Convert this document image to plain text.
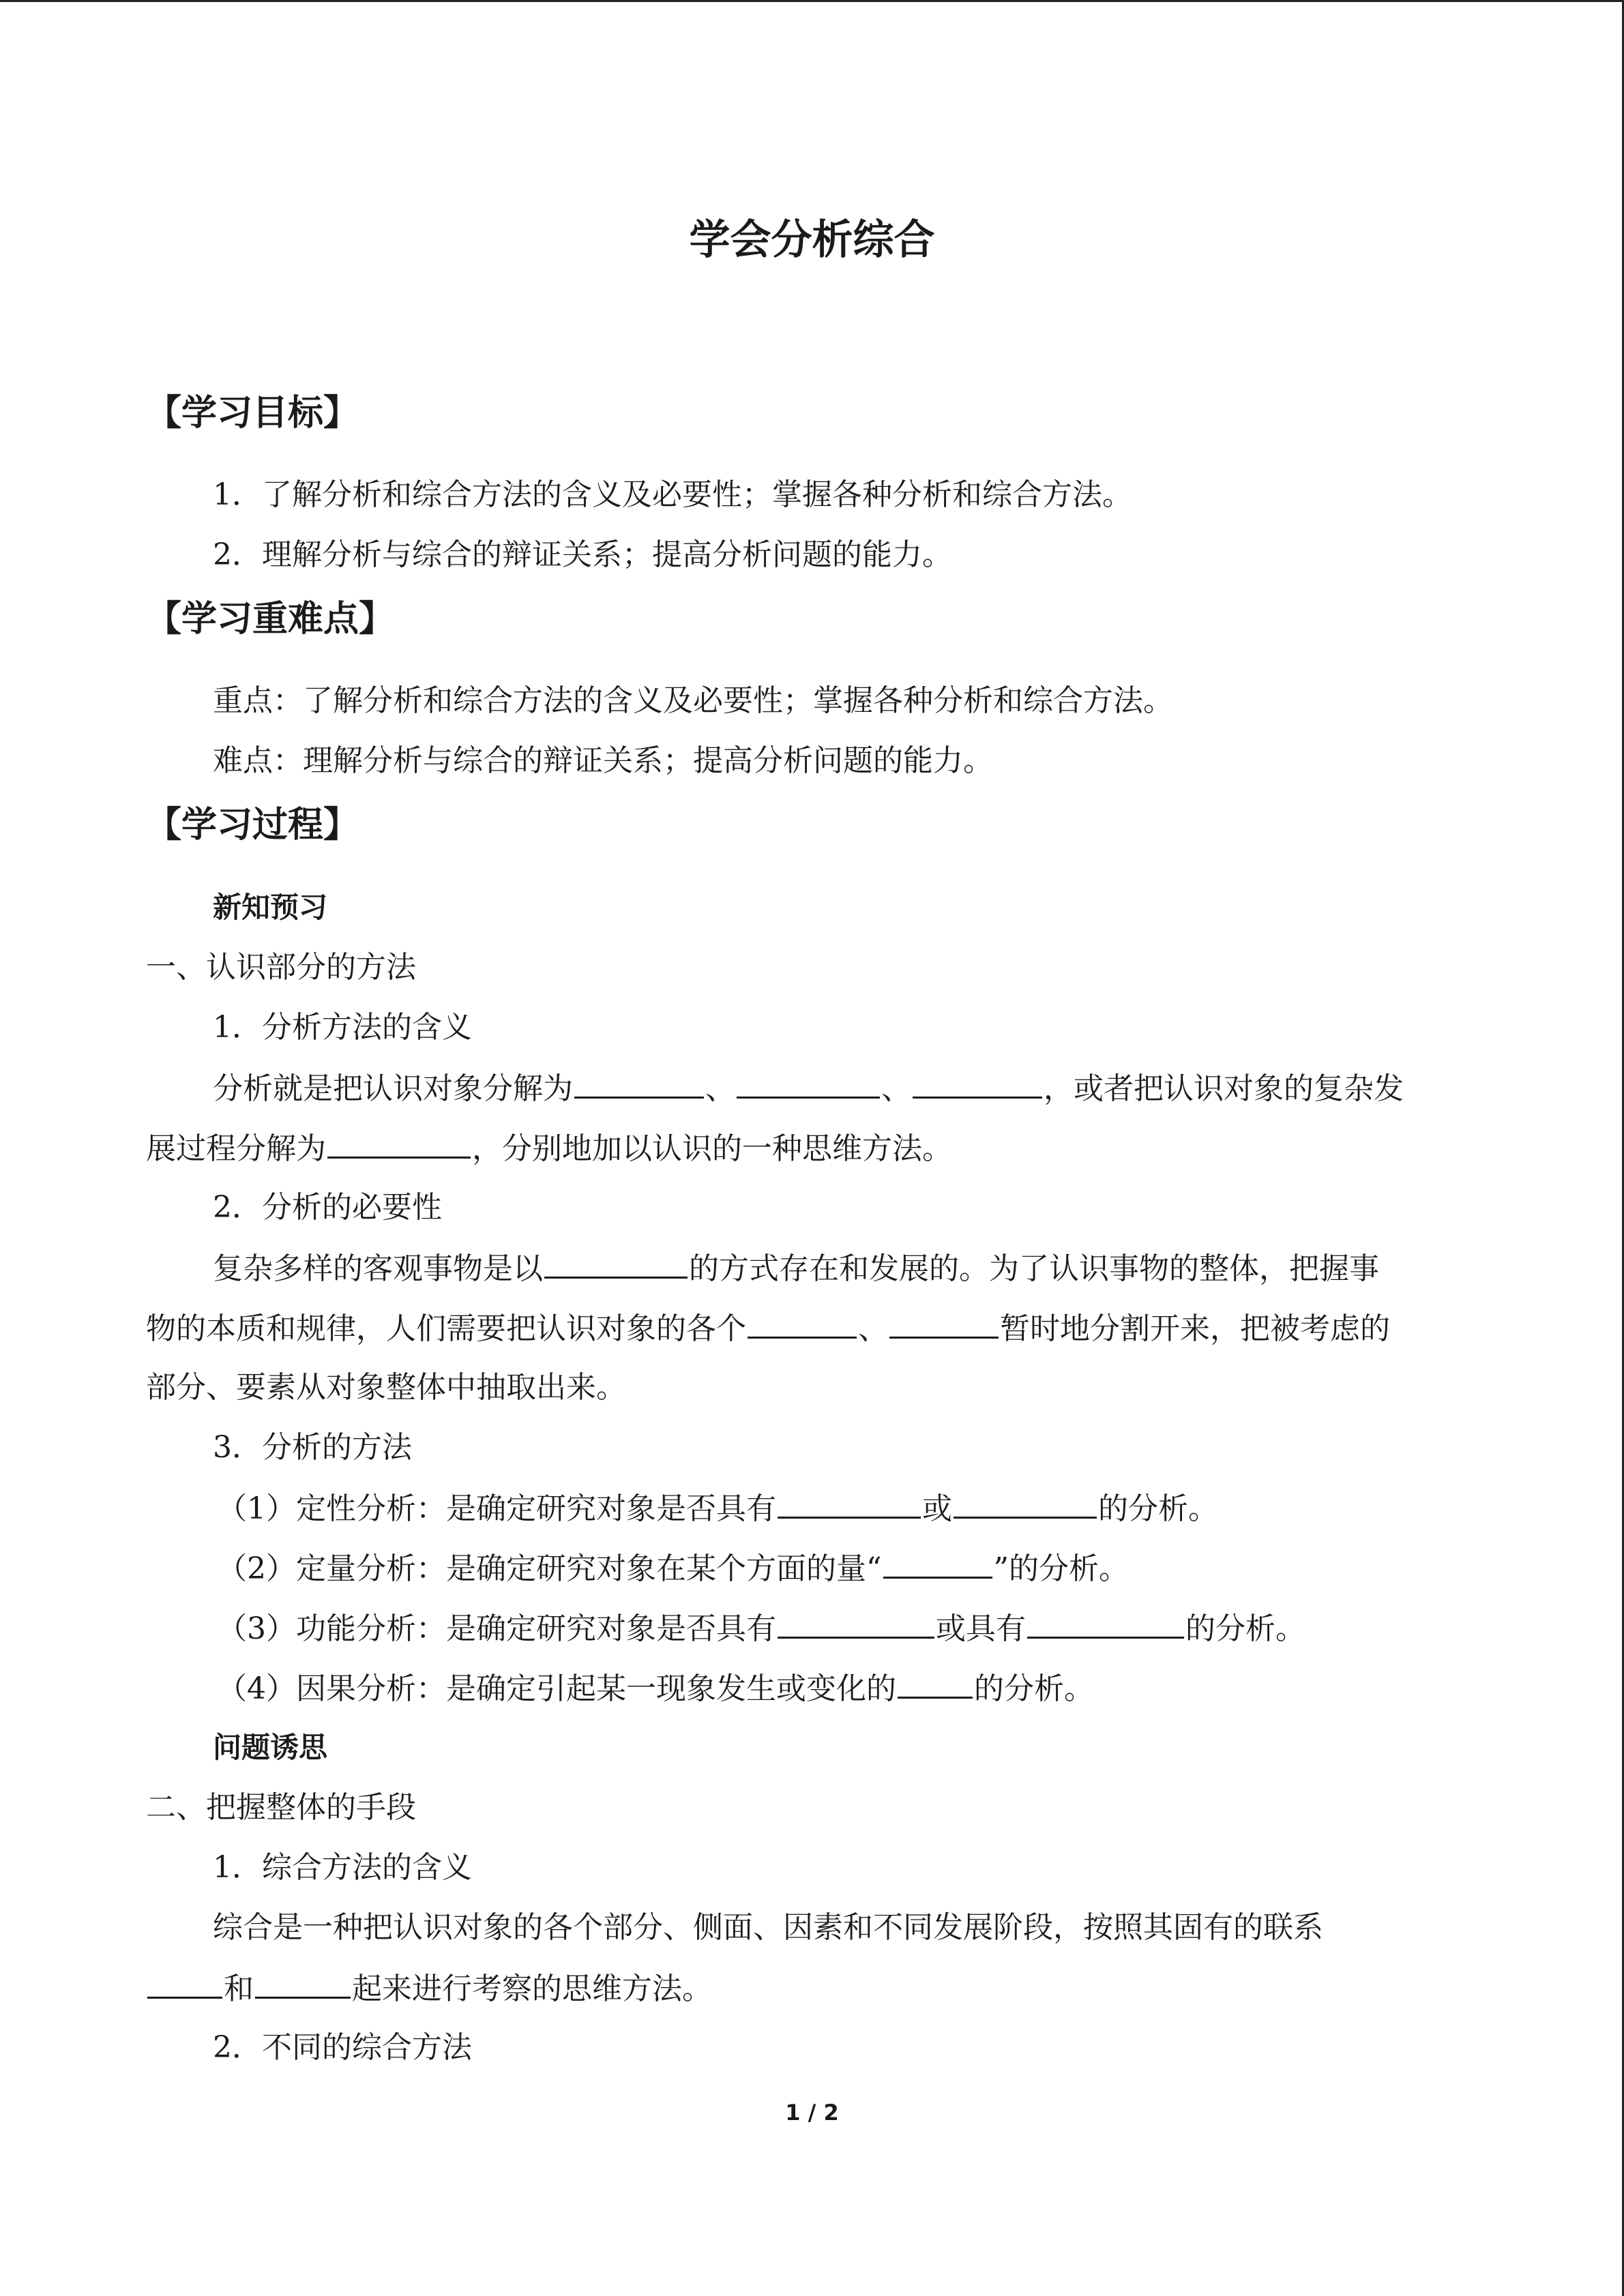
学会分析综合
【学习目标】
1．了解分析和综合方法的含义及必要性；掌握各种分析和综合方法。
2．理解分析与综合的辩证关系；提高分析问题的能力。
【学习重难点】
重点：了解分析和综合方法的含义及必要性；掌握各种分析和综合方法。
难点：理解分析与综合的辩证关系；提高分析问题的能力。
【学习过程】
新知预习
一、认识部分的方法
1．分析方法的含义
分析就是把认识对象分解为	、	、	，或者把认识对象的复杂发
展过程分解为	，分别地加以认识的一种思维方法。
2．分析的必要性
复杂多样的客观事物是以	的方式存在和发展的。为了认识事物的整体，把握事
物的本质和规律，人们需要把认识对象的各个	、	暂时地分割开来，把被考虑的
部分、要素从对象整体中抽取出来。
3．分析的方法
（1）定性分析：是确定研究对象是否具有	或	的分析。
（2）定量分析：是确定研究对象在某个方面的量“	”的分析。
（3）功能分析：是确定研究对象是否具有	或具有	的分析。
（4）因果分析：是确定引起某一现象发生或变化的	的分析。
问题诱思
二、把握整体的手段
1．综合方法的含义
综合是一种把认识对象的各个部分、侧面、因素和不同发展阶段，按照其固有的联系
和	起来进行考察的思维方法。
2．不同的综合方法
1 / 2
